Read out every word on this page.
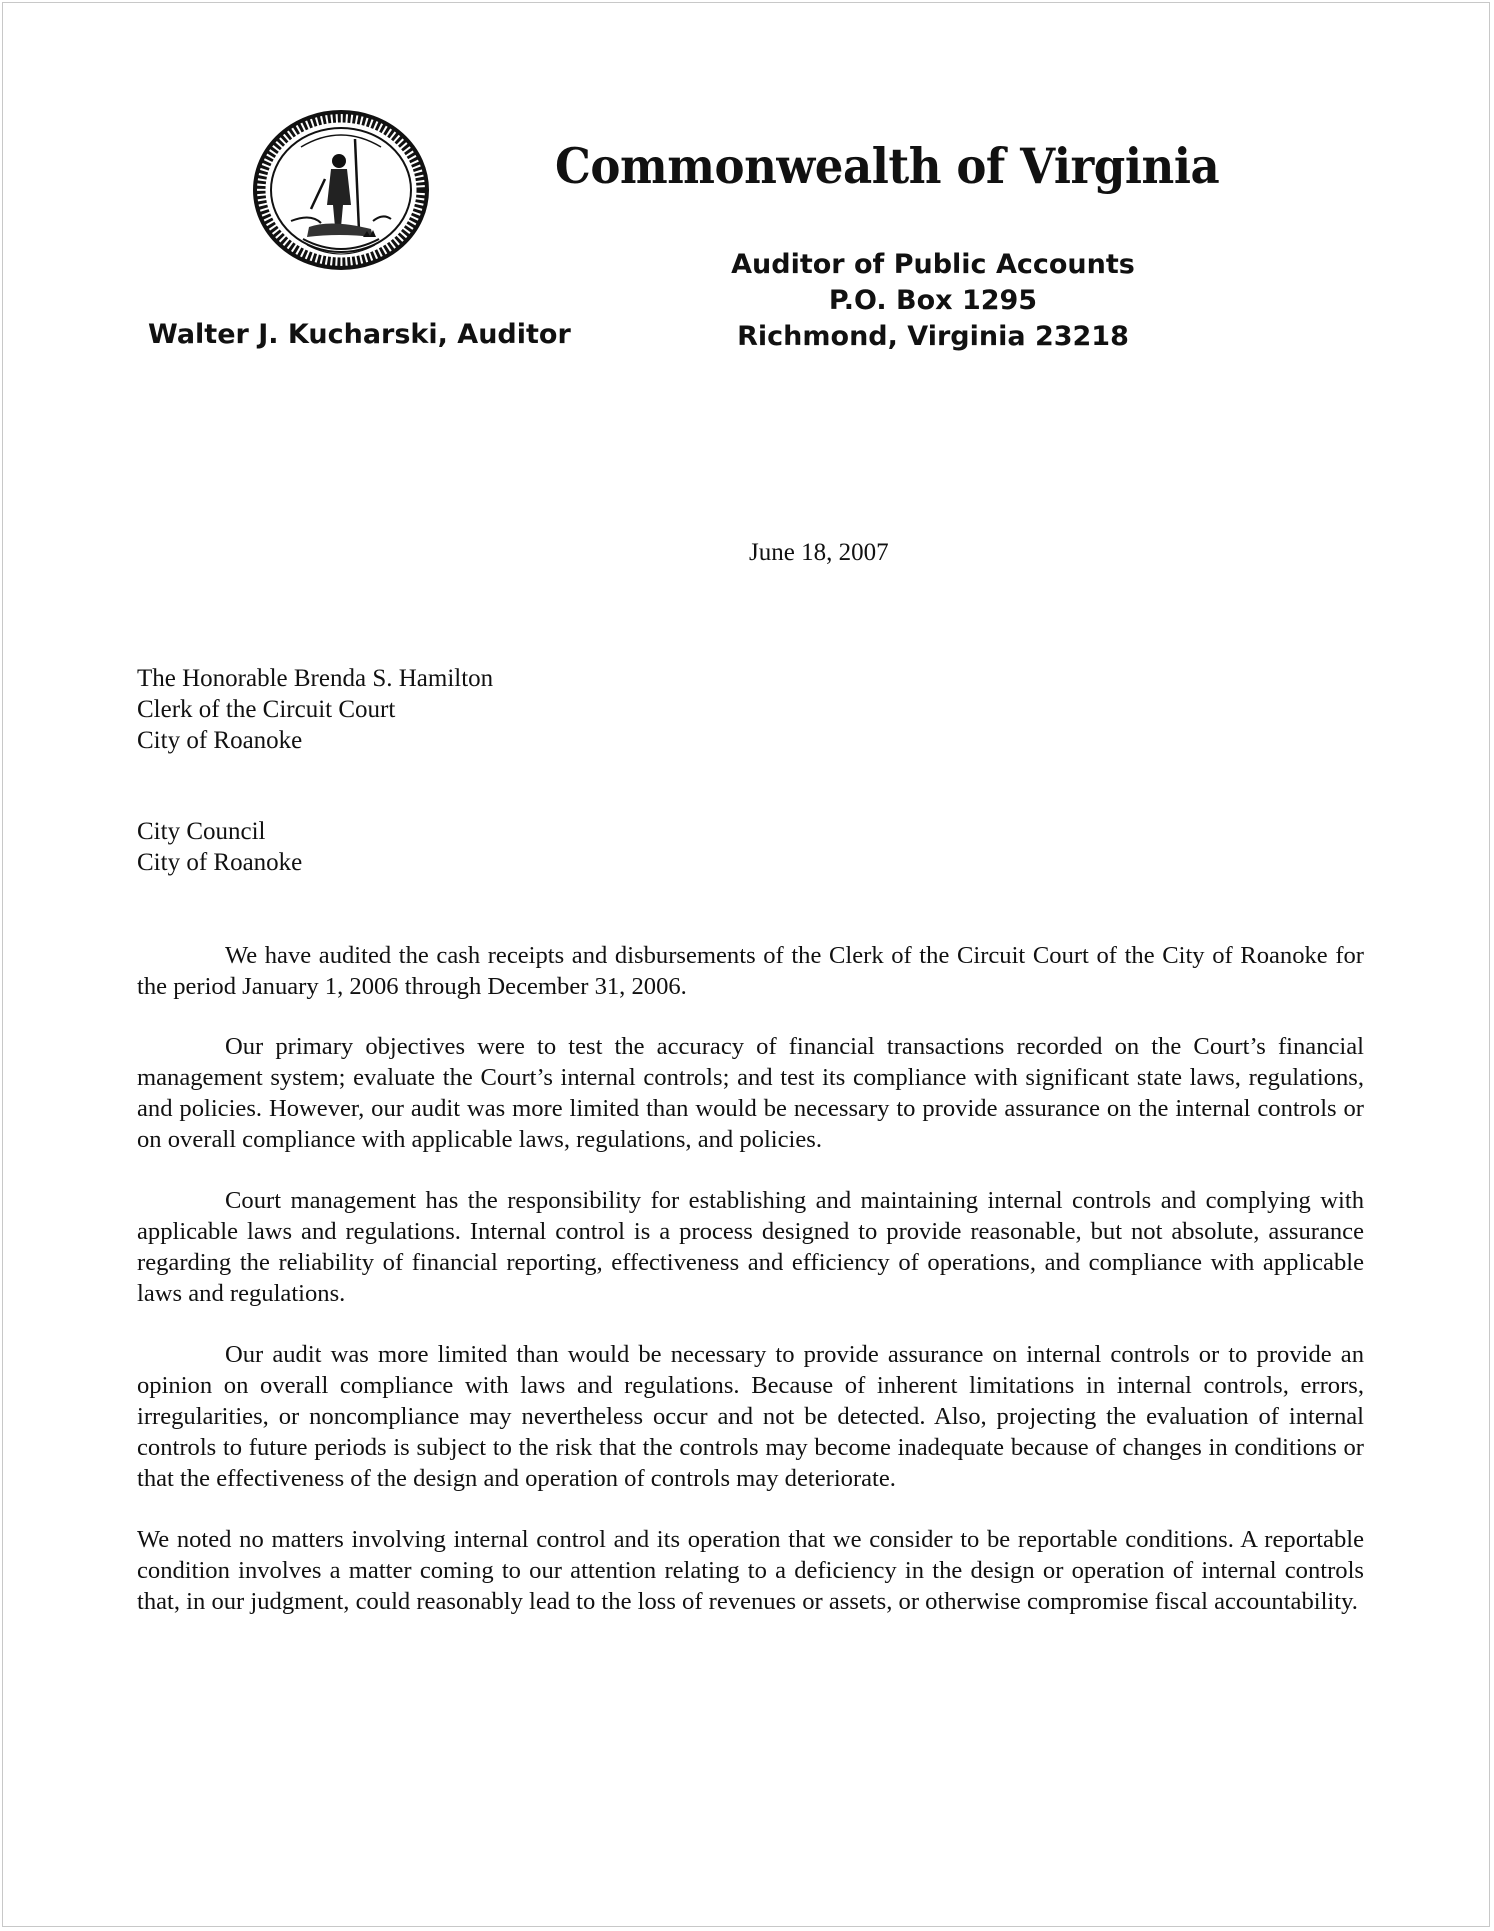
Commonwealth of Virginia
Auditor of Public Accounts
P.O. Box 1295
Richmond, Virginia 23218
Walter J. Kucharski, Auditor
June 18, 2007
The Honorable Brenda S. Hamilton
Clerk of the Circuit Court
City of Roanoke
City Council
City of Roanoke

We have audited the cash receipts and disbursements of the Clerk of the Circuit Court of the City of Roanoke for the period January 1, 2006 through December 31, 2006.

Our primary objectives were to test the accuracy of financial transactions recorded on the Court’s financial management system; evaluate the Court’s internal controls; and test its compliance with significant state laws, regulations, and policies. However, our audit was more limited than would be necessary to provide assurance on the internal controls or on overall compliance with applicable laws, regulations, and policies.

Court management has the responsibility for establishing and maintaining internal controls and complying with applicable laws and regulations. Internal control is a process designed to provide reasonable, but not absolute, assurance regarding the reliability of financial reporting, effectiveness and efficiency of operations, and compliance with applicable laws and regulations.

Our audit was more limited than would be necessary to provide assurance on internal controls or to provide an opinion on overall compliance with laws and regulations. Because of inherent limitations in internal controls, errors, irregularities, or noncompliance may nevertheless occur and not be detected. Also, projecting the evaluation of internal controls to future periods is subject to the risk that the controls may become inadequate because of changes in conditions or that the effectiveness of the design and operation of controls may deteriorate.

We noted no matters involving internal control and its operation that we consider to be reportable conditions. A reportable condition involves a matter coming to our attention relating to a deficiency in the design or operation of internal controls that, in our judgment, could reasonably lead to the loss of revenues or assets, or otherwise compromise fiscal accountability.
